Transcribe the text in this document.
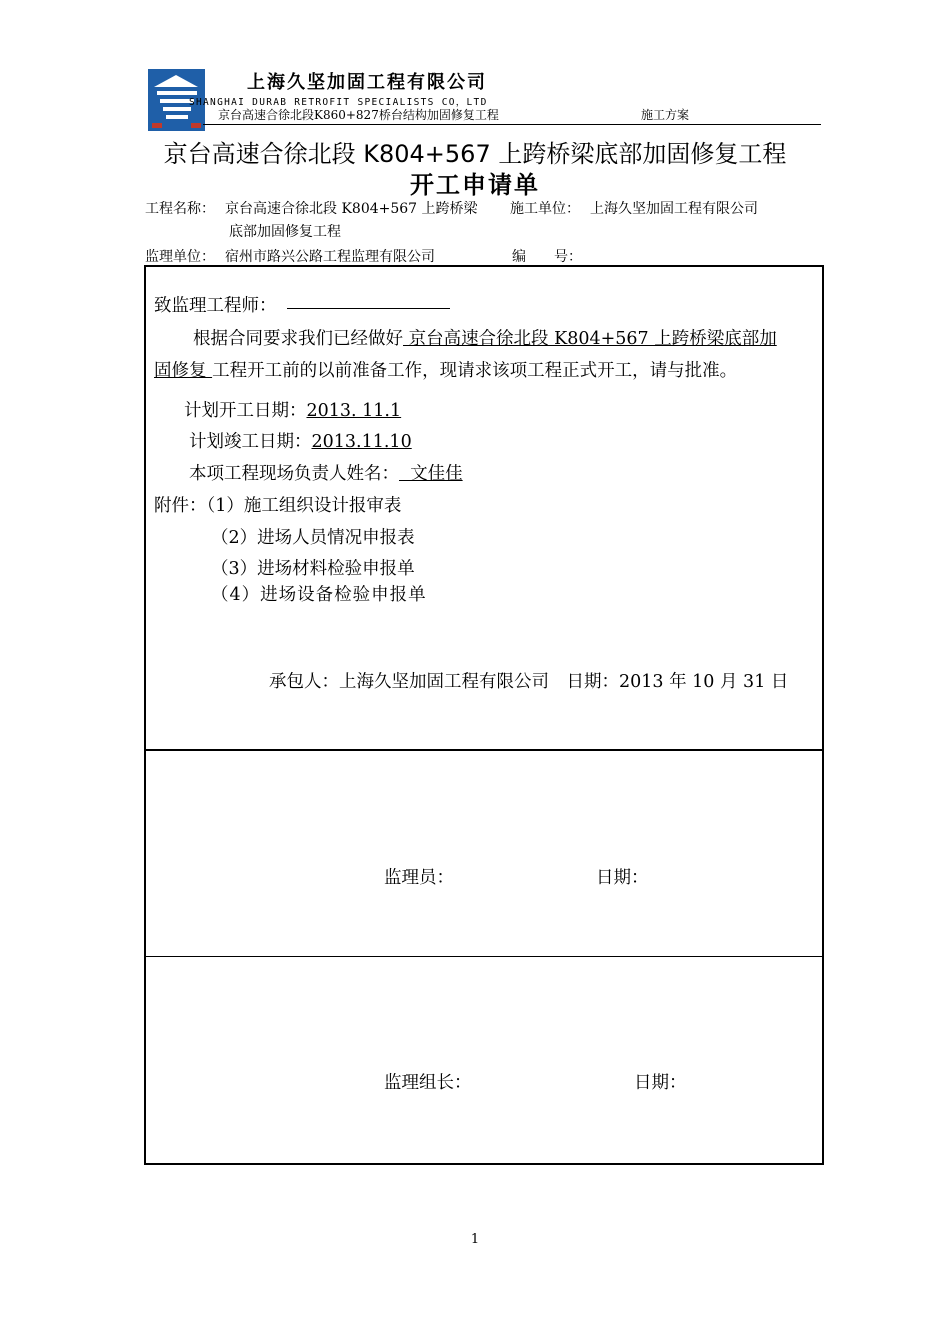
上海久坚加固工程有限公司
SHANGHAI DURAB RETROFIT SPECIALISTS CO，LTD
京台高速合徐北段K860+827桥台结构加固修复工程	施工方案
京台高速合徐北段 K804+567 上跨桥梁底部加固修复工程
开工申请单
工程名称： 京台高速合徐北段 K804+567 上跨桥梁
底部加固修复工程
施工单位： 上海久坚加固工程有限公司
监理单位： 宿州市路兴公路工程监理有限公司	编　　号：
致监理工程师：
根据合同要求我们已经做好 京台高速合徐北段 K804+567 上跨桥梁底部加
固修复 工程开工前的以前准备工作，现请求该项工程正式开工，请与批准。
计划开工日期：2013. 11.1
计划竣工日期：2013.11.10
本项工程现场负责人姓名：  文佳佳
附件：（1）施工组织设计报审表
（2）进场人员情况申报表
（3）进场材料检验申报单
（4）进场设备检验申报单
承包人：上海久坚加固工程有限公司　日期：2013 年 10 月 31 日
监理员：	日期：
监理组长：	日期：
1
